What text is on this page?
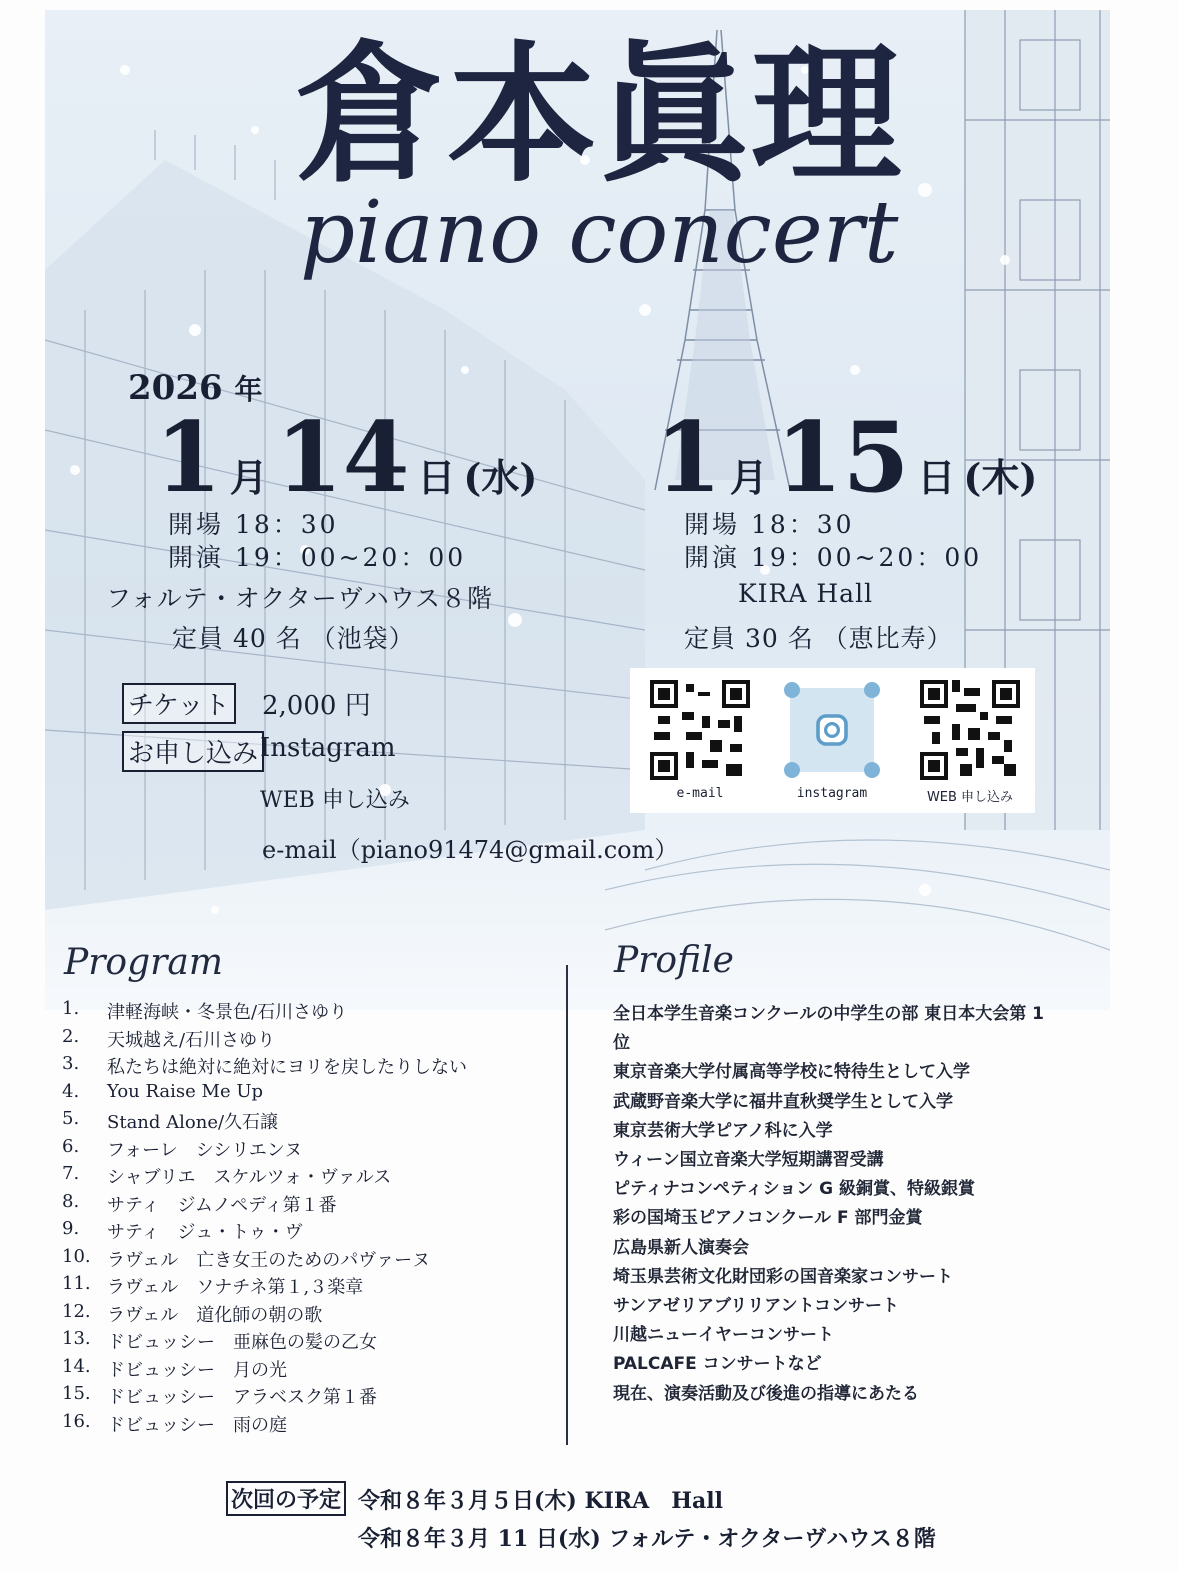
倉本眞理
piano concert
2026 年
1 月 14 日 (水)
開場 18：30
開演 19：00~20：00
フォルテ・オクターヴハウス８階
定員 40 名 （池袋）
1 月 15 日 (木)
開場 18：30
開演 19：00~20：00
KIRA Hall
定員 30 名 （恵比寿）
チケット 2,000 円
お申し込み Instagram
WEB 申し込み
e-mail（piano91474@gmail.com）
e-mail	instagram	WEB 申し込み
Program
1.	津軽海峡・冬景色/石川さゆり
2.	天城越え/石川さゆり
3.	私たちは絶対に絶対にヨリを戻したりしない
4.	You Raise Me Up
5.	Stand Alone/久石譲
6.	フォーレ　シシリエンヌ
7.	シャブリエ　スケルツォ・ヴァルス
8.	サティ　ジムノペディ第１番
9.	サティ　ジュ・トゥ・ヴ
10. ラヴェル　亡き女王のためのパヴァーヌ
11. ラヴェル　ソナチネ第１,３楽章
12. ラヴェル　道化師の朝の歌
13. ドビュッシー　亜麻色の髪の乙女
14. ドビュッシー　月の光
15. ドビュッシー　アラベスク第１番
16. ドビュッシー　雨の庭
Profile
全日本学生音楽コンクールの中学生の部 東日本大会第 1
位
東京音楽大学付属高等学校に特待生として入学
武蔵野音楽大学に福井直秋奨学生として入学
東京芸術大学ピアノ科に入学
ウィーン国立音楽大学短期講習受講
ピティナコンペティション G 級銅賞、特級銀賞
彩の国埼玉ピアノコンクール F 部門金賞
広島県新人演奏会
埼玉県芸術文化財団彩の国音楽家コンサート
サンアゼリアブリリアントコンサート
川越ニューイヤーコンサート
PALCAFE コンサートなど
現在、演奏活動及び後進の指導にあたる
次回の予定 令和８年３月５日(木) KIRA　Hall
令和８年３月 11 日(水) フォルテ・オクターヴハウス８階
